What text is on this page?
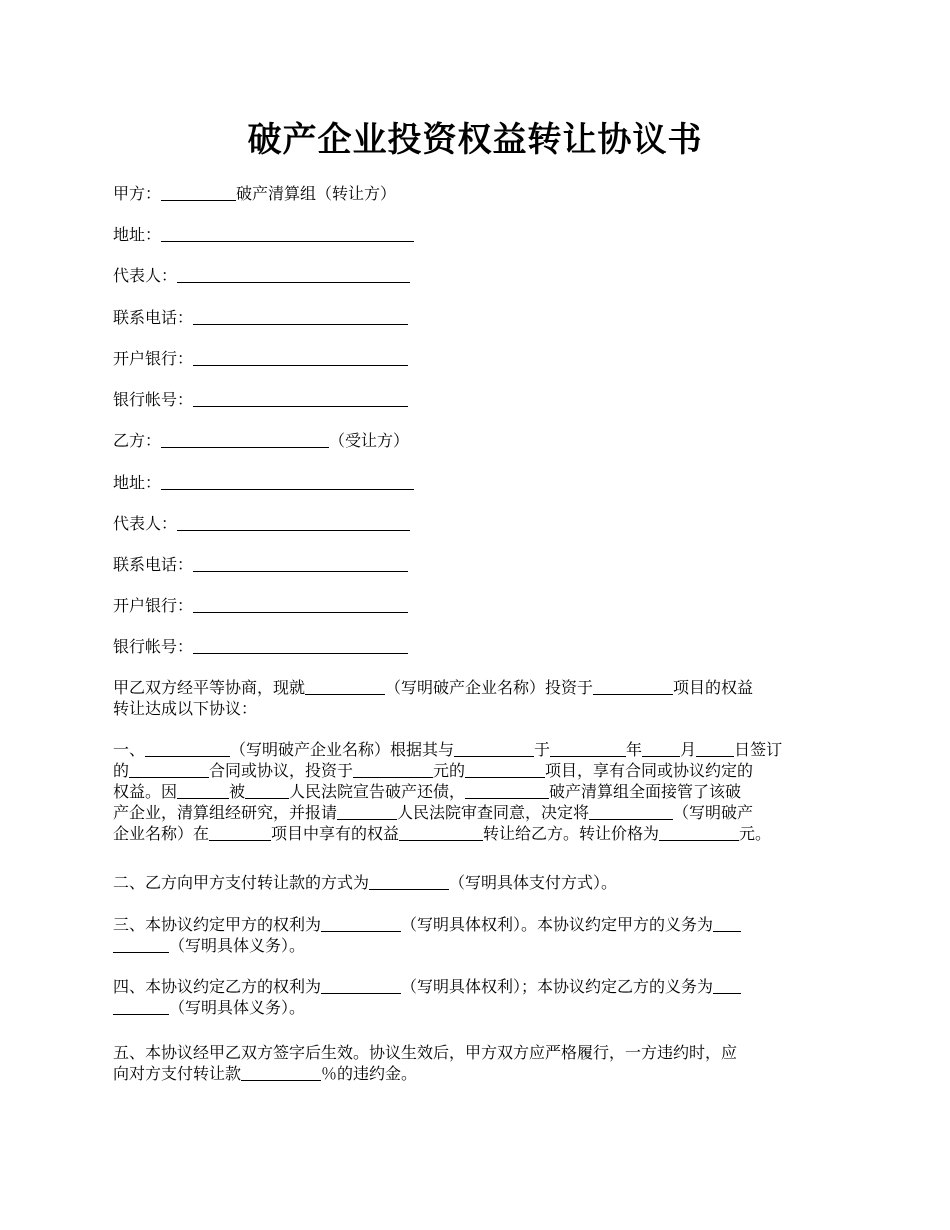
破产企业投资权益转让协议书
甲方：	破产清算组（转让方）
地址：
代表人：
联系电话：
开户银行：
银行帐号：
乙方：	（受让方）
地址：
代表人：
联系电话：
开户银行：
银行帐号：
甲乙双方经平等协商，现就	（写明破产企业名称）投资于	项目的权益
转让达成以下协议：
一、	（写明破产企业名称）根据其与	于	年 月 日签订
的	合同或协议，投资于	元的	项目，享有合同或协议约定的
权益。因	被	人民法院宣告破产还债，	破产清算组全面接管了该破
产企业，清算组经研究，并报请	人民法院审查同意，决定将	（写明破产
企业名称）在	项目中享有的权益	转让给乙方。转让价格为	元。
二、乙方向甲方支付转让款的方式为	（写明具体支付方式）。
三、本协议约定甲方的权利为	（写明具体权利）。本协议约定甲方的义务为
（写明具体义务）。
四、本协议约定乙方的权利为	（写明具体权利）；本协议约定乙方的义务为
（写明具体义务）。
五、本协议经甲乙双方签字后生效。协议生效后，甲方双方应严格履行，一方违约时，应
向对方支付转让款	％的违约金。
